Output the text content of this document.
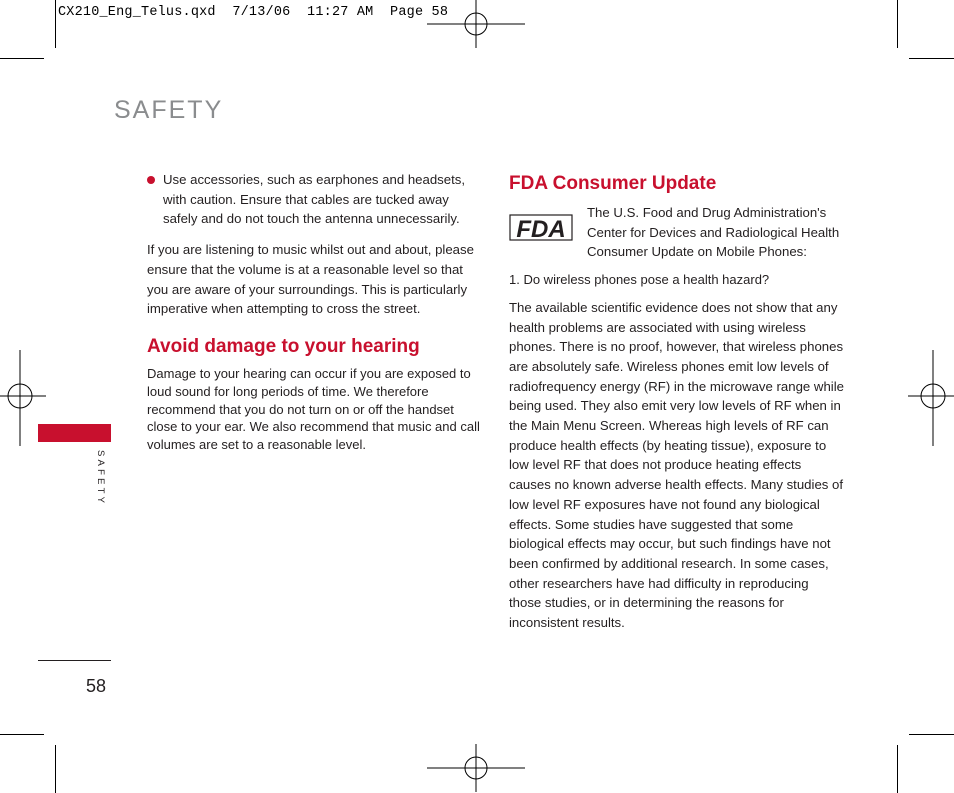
CX210_Eng_Telus.qxd  7/13/06  11:27 AM  Page 58
SAFETY
SAFETY
58

Use accessories, such as earphones and headsets, with caution. Ensure that cables are tucked away safely and do not touch the antenna unnecessarily.

If you are listening to music whilst out and about, please ensure that the volume is at a reasonable level so that you are aware of your surroundings. This is particularly imperative when attempting to cross the street.

Avoid damage to your hearing

Damage to your hearing can occur if you are exposed to loud sound for long periods of time. We therefore recommend that you do not turn on or off the handset close to your ear. We also recommend that music and call volumes are set to a reasonable level.

FDA Consumer Update
FDA

The U.S. Food and Drug Administration's Center for Devices and Radiological Health Consumer Update on Mobile Phones:

1. Do wireless phones pose a health hazard?

The available scientific evidence does not show that any health problems are associated with using wireless phones. There is no proof, however, that wireless phones are absolutely safe. Wireless phones emit low levels of radiofrequency energy (RF) in the microwave range while being used. They also emit very low levels of RF when in the Main Menu Screen. Whereas high levels of RF can produce health effects (by heating tissue), exposure to low level RF that does not produce heating effects causes no known adverse health effects. Many studies of low level RF exposures have not found any biological effects. Some studies have suggested that some biological effects may occur, but such findings have not been confirmed by additional research. In some cases, other researchers have had difficulty in reproducing those studies, or in determining the reasons for inconsistent results.
